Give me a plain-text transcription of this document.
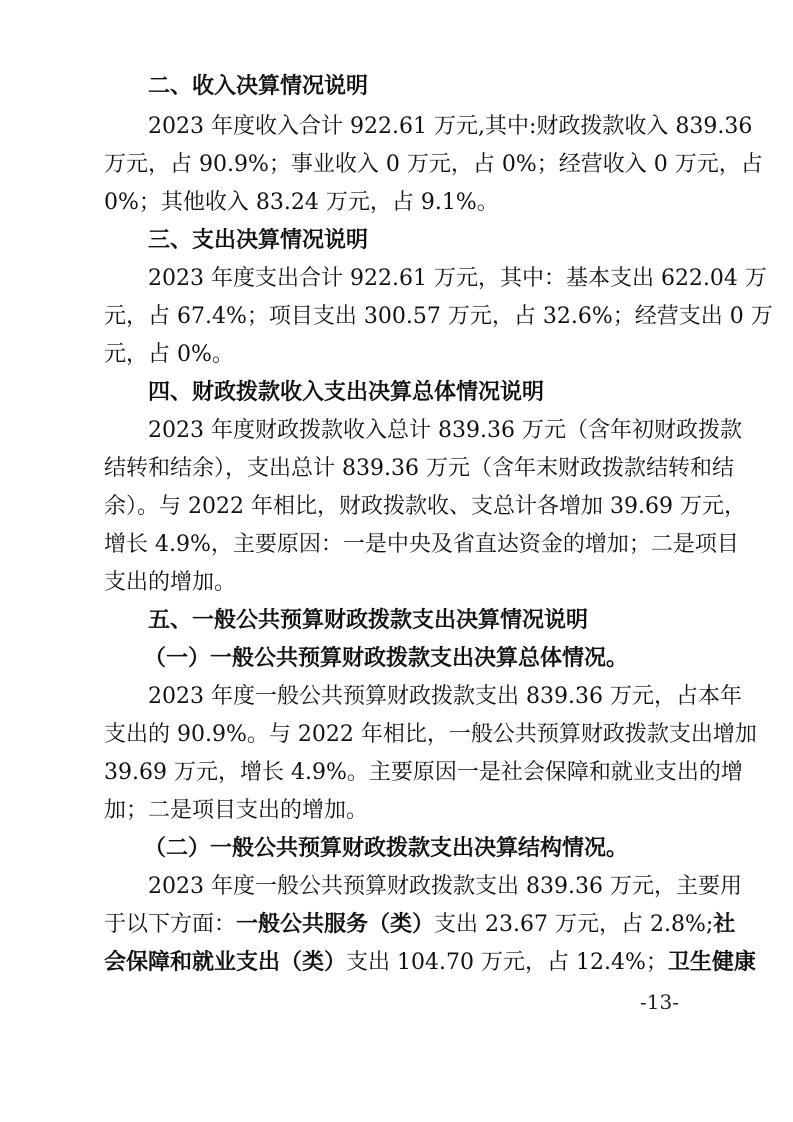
二、收入决算情况说明
2023 年度收入合计 922.61 万元,其中:财政拨款收入 839.36
万元，占 90.9%；事业收入 0 万元，占 0%；经营收入 0 万元，占
0%；其他收入 83.24 万元，占 9.1%。
三、支出决算情况说明
2023 年度支出合计 922.61 万元，其中：基本支出 622.04 万
元，占 67.4%；项目支出 300.57 万元，占 32.6%；经营支出 0 万
元，占 0%。
四、财政拨款收入支出决算总体情况说明
2023 年度财政拨款收入总计 839.36 万元（含年初财政拨款
结转和结余），支出总计 839.36 万元（含年末财政拨款结转和结
余）。与 2022 年相比，财政拨款收、支总计各增加 39.69 万元，
增长 4.9%，主要原因：一是中央及省直达资金的增加；二是项目
支出的增加。
五、一般公共预算财政拨款支出决算情况说明
（一）一般公共预算财政拨款支出决算总体情况。
2023 年度一般公共预算财政拨款支出 839.36 万元，占本年
支出的 90.9%。与 2022 年相比，一般公共预算财政拨款支出增加
39.69 万元，增长 4.9%。主要原因一是社会保障和就业支出的增
加；二是项目支出的增加。
（二）一般公共预算财政拨款支出决算结构情况。
2023 年度一般公共预算财政拨款支出 839.36 万元，主要用
于以下方面：一般公共服务（类）支出 23.67 万元，占 2.8%;社
会保障和就业支出（类）支出 104.70 万元，占 12.4%；卫生健康
-13-
